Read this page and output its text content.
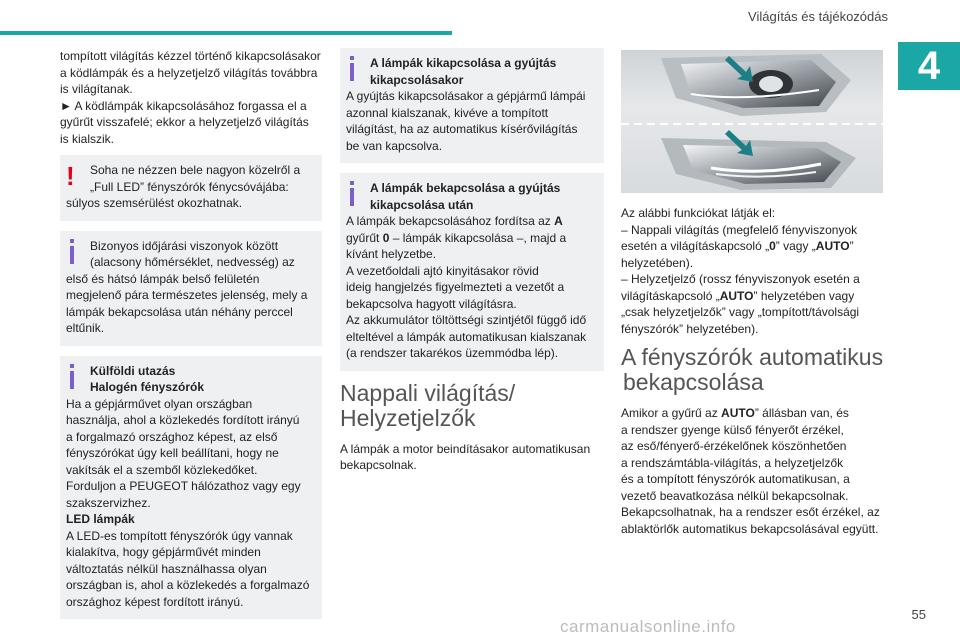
Világítás és tájékozódás
4
tompított világítás kézzel történő kikapcsolásakor
a ködlámpák és a helyzetjelző világítás továbbra
is világítanak.
► A ködlámpák kikapcsolásához forgassa el a
gyűrűt visszafelé; ekkor a helyzetjelző világítás
is kialszik.
!	Soha ne nézzen bele nagyon közelről a
„Full LED” fényszórók fénycsóvájába:
súlyos szemsérülést okozhatnak.
Bizonyos időjárási viszonyok között
(alacsony hőmérséklet, nedvesség) az
első és hátsó lámpák belső felületén
megjelenő pára természetes jelenség, mely a
lámpák bekapcsolása után néhány perccel
eltűnik.
Külföldi utazás
Halogén fényszórók
Ha a gépjárművet olyan országban
használja, ahol a közlekedés fordított irányú
a forgalmazó országhoz képest, az első
fényszórókat úgy kell beállítani, hogy ne
vakítsák el a szemből közlekedőket.
Forduljon a PEUGEOT hálózathoz vagy egy
szakszervizhez.
LED lámpák
A LED-es tompított fényszórók úgy vannak
kialakítva, hogy gépjárművét minden
változtatás nélkül használhassa olyan
országban is, ahol a közlekedés a forgalmazó
országhoz képest fordított irányú.
A lámpák kikapcsolása a gyújtás
kikapcsolásakor
A gyújtás kikapcsolásakor a gépjármű lámpái
azonnal kialszanak, kivéve a tompított
világítást, ha az automatikus kísérővilágítás
be van kapcsolva.
A lámpák bekapcsolása a gyújtás
kikapcsolása után
A lámpák bekapcsolásához fordítsa az A
gyűrűt 0 – lámpák kikapcsolása –, majd a
kívánt helyzetbe.
A vezetőoldali ajtó kinyitásakor rövid
ideig hangjelzés figyelmezteti a vezetőt a
bekapcsolva hagyott világításra.
Az akkumulátor töltöttségi szintjétől függő idő
elteltével a lámpák automatikusan kialszanak
(a rendszer takarékos üzemmódba lép).
Nappali világítás/
Helyzetjelzők
A lámpák a motor beindításakor automatikusan
bekapcsolnak.
Az alábbi funkciókat látják el:
– Nappali világítás (megfelelő fényviszonyok
esetén a világításkapcsoló „0” vagy „AUTO”
helyzetében).
– Helyzetjelző (rossz fényviszonyok esetén a
világításkapcsoló „AUTO” helyzetében vagy
„csak helyzetjelzők” vagy „tompított/távolsági
fényszórók” helyzetében).
A fényszórók automatikus
bekapcsolása
Amikor a gyűrű az AUTO” állásban van, és
a rendszer gyenge külső fényerőt érzékel,
az eső/fényerő-érzékelőnek köszönhetően
a rendszámtábla-világítás, a helyzetjelzők
és a tompított fényszórók automatikusan, a
vezető beavatkozása nélkül bekapcsolnak.
Bekapcsolhatnak, ha a rendszer esőt érzékel, az
ablaktörlők automatikus bekapcsolásával együtt.
carmanualsonline.info
55
